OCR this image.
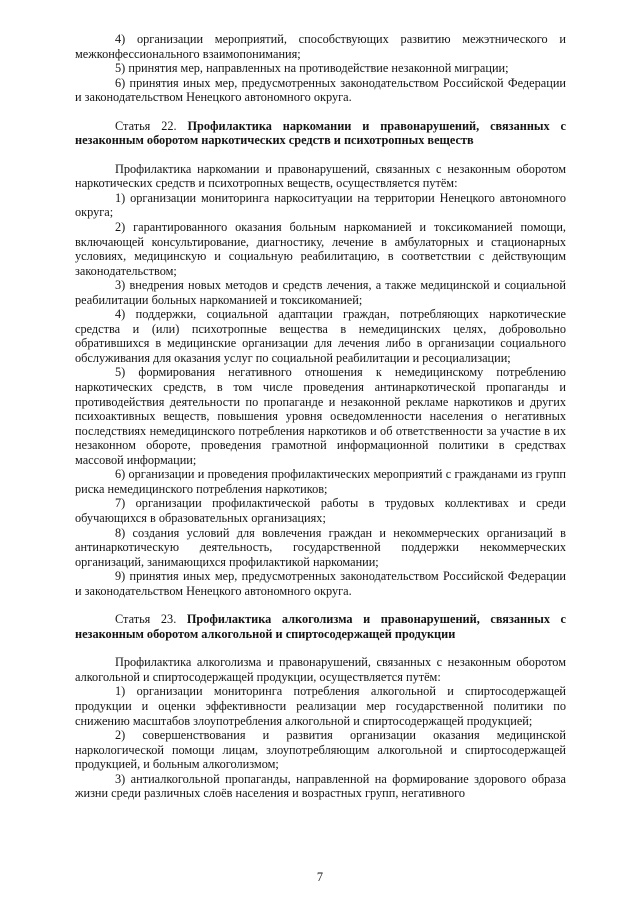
4) организации мероприятий, способствующих развитию межэтнического и межконфессионального взаимопонимания;

5) принятия мер, направленных на противодействие незаконной миграции;

6) принятия иных мер, предусмотренных законодательством Российской Федерации и законодательством Ненецкого автономного округа.

Статья 22. Профилактика наркомании и правонарушений, связанных с незаконным оборотом наркотических средств и психотропных веществ

Профилактика наркомании и правонарушений, связанных с незаконным оборотом наркотических средств и психотропных веществ, осуществляется путём:

1) организации мониторинга наркоситуации на территории Ненецкого автономного округа;

2) гарантированного оказания больным наркоманией и токсикоманией помощи, включающей консультирование, диагностику, лечение в амбулаторных и стационарных условиях, медицинскую и социальную реабилитацию, в соответствии с действующим законодательством;

3) внедрения новых методов и средств лечения, а также медицинской и социальной реабилитации больных наркоманией и токсикоманией;

4) поддержки, социальной адаптации граждан, потребляющих наркотические средства и (или) психотропные вещества в немедицинских целях, добровольно обратившихся в медицинские организации для лечения либо в организации социального обслуживания для оказания услуг по социальной реабилитации и ресоциализации;

5) формирования негативного отношения к немедицинскому потреблению наркотических средств, в том числе проведения антинаркотической пропаганды и противодействия деятельности по пропаганде и незаконной рекламе наркотиков и других психоактивных веществ, повышения уровня осведомленности населения о негативных последствиях немедицинского потребления наркотиков и об ответственности за участие в их незаконном обороте, проведения грамотной информационной политики в средствах массовой информации;

6) организации и проведения профилактических мероприятий с гражданами из групп риска немедицинского потребления наркотиков;

7) организации профилактической работы в трудовых коллективах и среди обучающихся в образовательных организациях;

8) создания условий для вовлечения граждан и некоммерческих организаций в антинаркотическую деятельность, государственной поддержки некоммерческих организаций, занимающихся профилактикой наркомании;

9) принятия иных мер, предусмотренных законодательством Российской Федерации и законодательством Ненецкого автономного округа.

Статья 23. Профилактика алкоголизма и правонарушений, связанных с незаконным оборотом алкогольной и спиртосодержащей продукции

Профилактика алкоголизма и правонарушений, связанных с незаконным оборотом алкогольной и спиртосодержащей продукции, осуществляется путём:

1) организации мониторинга потребления алкогольной и спиртосодержащей продукции и оценки эффективности реализации мер государственной политики по снижению масштабов злоупотребления алкогольной и спиртосодержащей продукцией;

2) совершенствования и развития организации оказания медицинской наркологической помощи лицам, злоупотребляющим алкогольной и спиртосодержащей продукцией, и больным алкоголизмом;

3) антиалкогольной пропаганды, направленной на формирование здорового образа жизни среди различных слоёв населения и возрастных групп, негативного

7
